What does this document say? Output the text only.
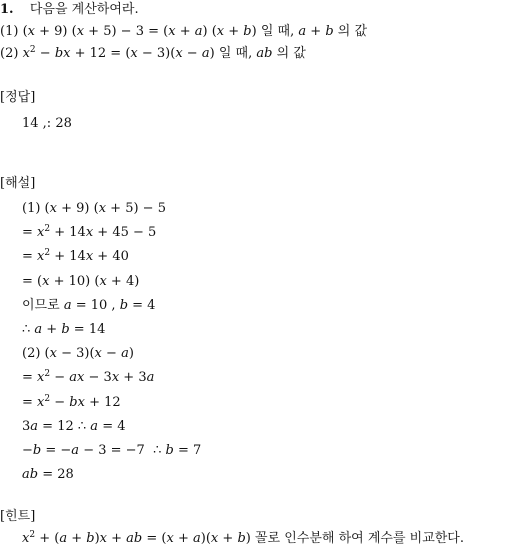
1. 다음을 계산하여라.
(1) (x + 9) (x + 5) − 3 = (x + a) (x + b) 일 때, a + b 의 값
(2) $x^2$ − bx + 12 = (x − 3)(x − a) 일 때, ab 의 값
[정답]
14 ,: 28
[해설]
(1) (x + 9) (x + 5) − 5
= $x^2 + 14x + 45 - 5$
= $x^2 + 14x + 40$
= (x + 10) (x + 4)
이므로 a = 10 , b = 4
∴ a + b = 14
(2) (x − 3)(x − a)
= $x^2$ − ax − 3x + 3a
= $x^2$ − bx + 12
3a = 12 ∴ a = 4
−b = −a − 3 = −7  ∴ b = 7
ab = 28
[힌트]
$x^2 + (a + b)x$ + ab = (x + a)(x + b) 꼴로 인수분해 하여 계수를 비교한다.
